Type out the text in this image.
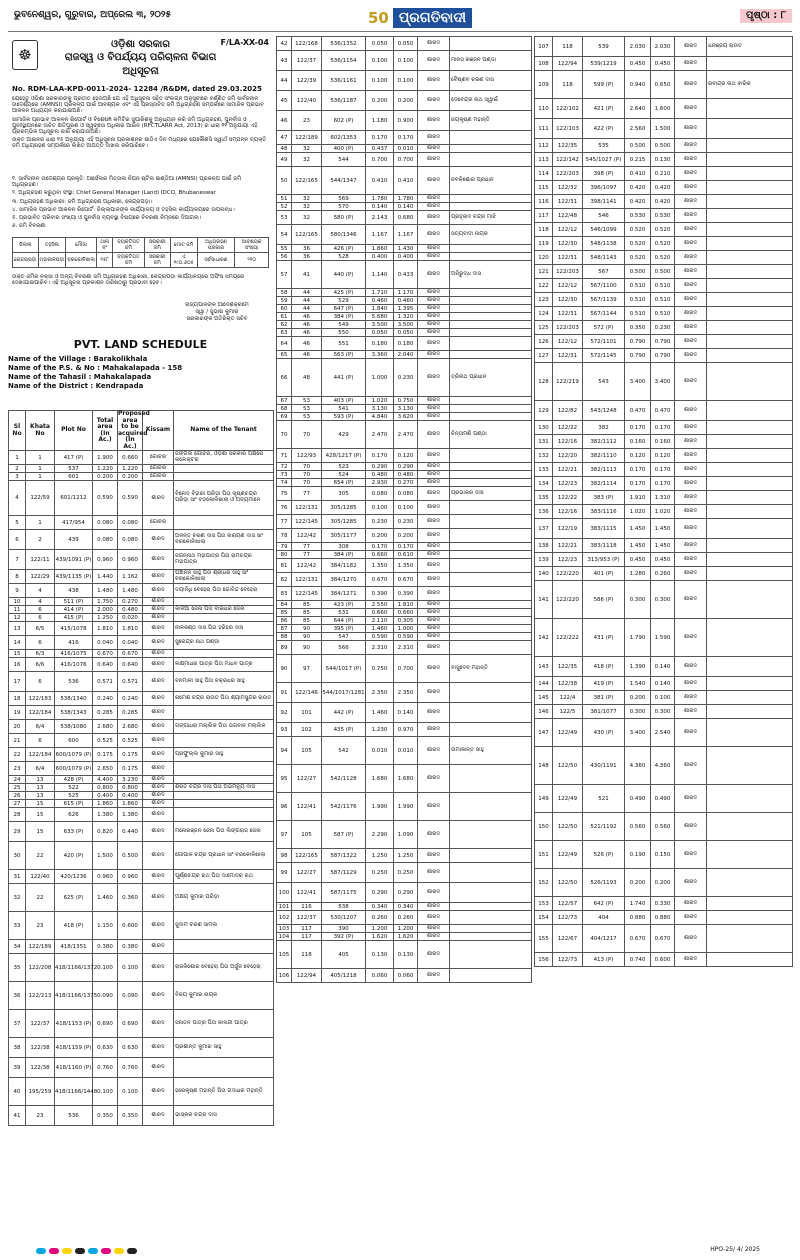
ଭୁବନେଶ୍ୱର, ଗୁରୁବାର, ଅପ୍ରେଲ ୩, ୨୦୨୫	50 ପ୍ରଗତିବାଦୀ	ପୃଷ୍ଠା : ୮
☸
F/LA-XX-04
ଓଡ଼ିଶା ସରକାର
ରାଜସ୍ୱ ଓ ବିପର୍ଯ୍ୟୟ ପରିଚାଳନା ବିଭାଗ
ଅଧିସୂଚନା
No. RDM-LAA-KPD-0011-2024- 12284 /R&DM, dated 29.03.2025

ଯେହେତୁ ଓଡ଼ିଶା ସରକାରଙ୍କୁ ପ୍ରତୀତ ହେଉଅଛି ଯେ ଏହି ଅଧିସୂଚନା ସହିତ ସଂଲଗ୍ନ ଅନୁସୂଚୀରେ ବର୍ଣ୍ଣିତ ଜମି ସାର୍ବଜନୀନ ଉଦ୍ଦେଶ୍ୟରେ (AMNSI) ପ୍ରକଳ୍ପ ପାଇଁ ଆବଶ୍ୟକ ଏବଂ ଏହି ପ୍ରସ୍ତାବିତ ଜମି ଅଧିଗ୍ରହଣ ସମ୍ପର୍କରେ ସାମାଜିକ ପ୍ରଭାବ ଆକଳନ ଅଧ୍ୟୟନ କରାଯାଇଅଛି।

ସାମାଜିକ ପ୍ରଭାବ ଆକଳନ ରିପୋର୍ଟ ଓ ବିଶେଷଜ୍ଞ କମିଟିର ସୁପାରିଶକୁ ଅନୁଧ୍ୟାନ କରି ଜମି ଅଧିଗ୍ରହଣ, ପୁନର୍ବାସ ଓ ପୁନଃସ୍ଥାପନରେ ଉଚିତ କ୍ଷତିପୂରଣ ଓ ସ୍ୱଚ୍ଛତା ଅଧିକାର ଆଇନ (RFCTLARR Act, 2013) ର ଧାରା ୧୧ ଅନୁଯାୟୀ ଏହି ପ୍ରାରମ୍ଭିକ ଅଧିସୂଚନା ଜାରି କରାଯାଉଅଛି।

ଉକ୍ତ ଆଇନର ଧାରା ୧୫ ଅନୁଯାୟୀ ଏହି ଅଧିସୂଚନା ପ୍ରକାଶନର ଷାଠିଏ ଦିନ ମଧ୍ୟରେ ଯେକୌଣସି ସ୍ୱାର୍ଥ ସମ୍ପନ୍ନ ବ୍ୟକ୍ତି ଜମି ଅଧିଗ୍ରହଣ ସମ୍ପର୍କରେ ଲିଖିତ ଆପତ୍ତି ଦାଖଲ କରିପାରିବେ।

୧. ସାର୍ବଜନୀନ ଉଦ୍ଦେଶ୍ୟର ପ୍ରକୃତି: ଆର୍ସେଲର ମିତ୍ତାଲ ନିପନ ଷ୍ଟିଲ ଇଣ୍ଡିଆ (AMNSI) ପ୍ରକଳ୍ପ ପାଇଁ ଜମି ଅଧିଗ୍ରହଣ।

୨. ଅଧିଗ୍ରହଣ କରୁଥିବା ସଂସ୍ଥା: Chief General Manager (Land) IDCO, Bhubaneswar

୩. ଅଧିଗ୍ରହଣ ଅଧିକାରୀ: ଜମି ଅଧିଗ୍ରହଣ ଅଧିକାରୀ, କେନ୍ଦ୍ରାପଡ଼ା।

୪. ସାମାଜିକ ପ୍ରଭାବ ଆକଳନ ରିପୋର୍ଟ: ଜିଲ୍ଲାପାଳଙ୍କ କାର୍ଯ୍ୟାଳୟ ଓ ତହସିଲ କାର୍ଯ୍ୟାଳୟରେ ଉପଲବ୍ଧ।

୫. ପ୍ରଭାବିତ ପରିବାର ସଂଖ୍ୟା ଓ ପୁନର୍ବାସ ବ୍ୟବସ୍ଥା ବିଷୟରେ ବିବରଣୀ ନିମ୍ନରେ ଦିଆଗଲା।

୬. ଜମି ବିବରଣୀ

ଜିଲ୍ଲା	ତହସିଲ	ମୌଜା	ଥାନା ନଂ	ବ୍ୟକ୍ତିଗତ ଜମି	ସରକାରୀ ଜମି	ମୋଟ ଜମି	ଅଧିଗ୍ରହଣ ପ୍ରକାର	ଆବଶ୍ୟକ ସଂଖ୍ୟା
କେନ୍ଦ୍ରାପଡ଼ା	ମହାକାଳପଡ଼ା	ବରକୋଳିଖାଲା	୧୫୮	ବ୍ୟକ୍ତିଗତ ଜମି	ସରକାରୀ ଜମି	ଏ ୧୯୦.୬୦୫	ସର୍ବସାଧାରଣ	୨୧୦
ଉକ୍ତ ଜମିର ନକ୍ସା ଓ ଅନ୍ୟ ବିବରଣୀ ଜମି ଅଧିଗ୍ରହଣ ଅଧିକାରୀ, କେନ୍ଦ୍ରାପଡ଼ା କାର୍ଯ୍ୟାଳୟରେ ଅଫିସ ସମୟରେ ଦେଖାଯାଇପାରିବ। ଏହି ଅଧିସୂଚନା ପ୍ରକାଶନ ତାରିଖଠାରୁ ପ୍ରଭାବୀ ହେବ।
ରାଜ୍ୟପାଳଙ୍କ ଆଦେଶକ୍ରମେ
ସ୍ୱା / ସୁଭାଷ କୁମାର
ସରକାରଙ୍କ ଅତିରିକ୍ତ ସଚିବ
PVT. LAND SCHEDULE
Name of the Village : Barakolikhala
Name of the P.S. & No : Mahakalapada - 158
Name of the Tahasil : Mahakalapada
Name of the District : Kendrapada
Sl No	Khata No	Plot No	Total area (In Ac.)	Proposed area to be acquired (In Ac.)	Kissam	Name of the Tenant
1	1	417 (P)	1.900	0.660	ଗୋଚର	ଜଙ୍ଗଲ ଗୋଚର, ଓଡ଼ିଶା ସରକାର ପକ୍ଷରେ କଲେକ୍ଟର
2	1	537	1.220	1.220	ଗୋଚର	
3	1	601	0.200	0.200	ଗୋଚର	
4	122/59	601/1212	0.590	0.590	ଶାରଦ	ବିନୋଦ ବିହାରୀ ପରିଡ଼ା ପିତା କୃଷ୍ଣଚନ୍ଦ୍ର ପରିଡ଼ା ସାଂ ବଡ଼କୋଳିଖାଲା ଓ ଅନ୍ୟମାନେ
5	1	417/954	0.080	0.080	ଗୋଚର	
6	2	439	0.080	0.080	ଶାରଦ	ଅନନ୍ତ ଚରଣ ଦାସ ପିତା ନାରାୟଣ ଦାସ ସାଂ ବରକୋଳିଖାଲା
7	122/11	439/1091 (P)	0.960	0.960	ଶାରଦ	ଜଗନ୍ନାଥ ମହାପାତ୍ର ପିତା ରାମଚନ୍ଦ୍ର ମହାପାତ୍ର
8	122/29	439/1135 (P)	1.440	1.162	ଶାରଦ	ପଞ୍ଚାନନ ସାହୁ ପିତା ଶ୍ରୀଧର ସାହୁ ସାଂ ବରକୋଳିଖାଲା
9	4	438	1.480	1.480	ଶାରଦ	ଦୟାନିଧି ବେହେରା ପିତା ଗୋବିନ୍ଦ ବେହେରା
10	4	511 (P)	1.750	0.270	ଶାରଦ	
11	6	414 (P)	2.000	0.480	ଶାରଦ	କାଳିଆ ଜେନା ପିତା ବାଇଧର ଜେନା
12	6	415 (P)	1.250	0.020	ଶାରଦ	
13	6/5	415/1078	1.810	1.810	ଶାରଦ	ନୀଳକଣ୍ଠ ଦାସ ପିତା ହରିହର ଦାସ
14	6	416	0.040	0.040	ଶାରଦ	ସୁରେନ୍ଦ୍ର ନାଥ ପଣ୍ଡା
15	6/3	416/1075	0.670	0.670	ଶାରଦ	
16	6/6	416/1076	0.640	0.640	ଶାରଦ	ଲକ୍ଷ୍ମୀଧର ପାତ୍ର ପିତା ମାଧବ ପାତ୍ର
17	6	536	0.571	0.571	ଶାରଦ	ବନମାଳୀ ସାହୁ ପିତା ଚକ୍ରଧର ସାହୁ
18	122/183	538/1340	0.240	0.240	ଶାରଦ	ରମେଶ ଚନ୍ଦ୍ର ରାଉତ ପିତା ଶ୍ୟାମସୁନ୍ଦର ରାଉତ
19	122/184	538/1343	0.285	0.285	ଶାରଦ	
20	6/4	538/1080	2.680	2.680	ଶାରଦ	ଗଙ୍ଗାଧର ମଲ୍ଲିକ ପିତା ଭଗବାନ ମଲ୍ଲିକ
21	6	600	0.525	0.525	ଶାରଦ	
22	122/184	600/1079 (P)	0.175	0.175	ଶାରଦ	ପ୍ରଫୁଲ୍ଲ କୁମାର ସାହୁ
23	6/4	600/1079 (P)	2.650	0.175	ଶାରଦ	
24	13	428 (P)	4.400	3.230	ଶାରଦ	
25	13	522	0.800	0.800	ଶାରଦ	ଶରତ ଚନ୍ଦ୍ର ଦାସ ପିତା ଅଭିମନ୍ୟୁ ଦାସ
26	13	525	0.400	0.400	ଶାରଦ	
27	15	615 (P)	1.860	1.860	ଶାରଦ	
28	15	626	1.380	1.380	ଶାରଦ	
29	15	633 (P)	0.820	0.440	ଶାରଦ	ମନୋରଞ୍ଜନ ଜେନା ପିତା ଲିଙ୍ଗରାଜ ଜେନା
30	22	420 (P)	1.500	0.500	ଶାରଦ	ଗୋପାଳ ଚନ୍ଦ୍ର ପ୍ରଧାନ ସାଂ ବରକୋଳିଖାଲା
31	122/40	420/1236	0.960	0.960	ଶାରଦ	ପୂର୍ଣ୍ଣଚନ୍ଦ୍ର ରଥ ପିତା ଦାମୋଦର ରଥ
32	22	625 (P)	1.460	0.360	ଶାରଦ	ଅକ୍ଷୟ କୁମାର ପରିଡ଼ା
33	23	418 (P)	1.150	0.600	ଶାରଦ	ସୁଦାମ ଚରଣ ସାମଲ
34	122/189	418/1351	0.380	0.380	ଶାରଦ	
35	122/208	418/1166/1372	0.100	0.100	ଶାରଦ	ରାଜକିଶୋର ବେହେରା ପିତା ଅର୍ଜୁନ ବେହେରା
36	122/213	418/1166/1375	0.090	0.090	ଶାରଦ	ବିଜୟ କୁମାର ନାୟକ
37	122/37	418/1153 (P)	0.690	0.690	ଶାରଦ	ସନାତନ ପାତ୍ର ପିତା କାଳନ୍ଦୀ ପାତ୍ର
38	122/38	418/1159 (P)	0.630	0.630	ଶାରଦ	ପ୍ରଶାନ୍ତ କୁମାର ସାହୁ
39	122/38	418/1160 (P)	0.760	0.760	ଶାରଦ	
40	195/259	418/1166/1448	0.100	0.100	ଶାରଦ	ହରେକୃଷ୍ଣ ମହାନ୍ତି ପିତା ଗଦାଧର ମହାନ୍ତି
41	23	536	0.350	0.350	ଶାରଦ	ଭାସ୍କର ଚନ୍ଦ୍ର ଦାସ
42	122/168	536/1352	0.050	0.050	ଶାରଦ	
43	122/37	536/1154	0.100	0.100	ଶାରଦ	ମାନସ ରଞ୍ଜନ ପଣ୍ଡା
44	122/39	536/1161	0.100	0.100	ଶାରଦ	ବୈଷ୍ଣବ ଚରଣ ଦାସ
45	122/40	536/1187	0.200	0.200	ଶାରଦ	ଦେବେନ୍ଦ୍ର ନାଥ ସ୍ୱାଇଁ
46	23	602 (P)	1.180	0.900	ଶାରଦ	ଜୟକୃଷ୍ଣ ମହାନ୍ତି
47	122/189	602/1353	0.170	0.170	ଶାରଦ	
48	32	400 (P)	0.437	0.010	ଶାରଦ	
49	32	544	0.700	0.700	ଶାରଦ	
50	122/165	544/1347	0.410	0.410	ଶାରଦ	ନବକିଶୋର ପ୍ରଧାନ
51	32	569	1.780	1.780	ଶାରଦ	
52	32	570	0.140	0.140	ଶାରଦ	
53	32	580 (P)	2.143	0.680	ଶାରଦ	ପ୍ରହ୍ଲାଦ ଚନ୍ଦ୍ର ମାଝି
54	122/165	580/1346	1.167	1.167	ଶାରଦ	ସତ୍ୟବାଦୀ ନାୟକ
55	36	426 (P)	1.860	1.430	ଶାରଦ	
56	36	528	0.400	0.400	ଶାରଦ	
57	41	440 (P)	1.140	0.433	ଶାରଦ	ଅନିରୁଦ୍ଧ ଦାସ
58	44	425 (P)	1.710	1.170	ଶାରଦ	
59	44	529	0.460	0.460	ଶାରଦ	
60	44	647 (P)	1.840	1.395	ଶାରଦ	
61	46	384 (P)	5.680	1.320	ଶାରଦ	
62	46	549	3.500	3.500	ଶାରଦ	
63	46	550	0.050	0.050	ଶାରଦ	
64	46	551	0.180	0.180	ଶାରଦ	
65	46	563 (P)	3.360	2.040	ଶାରଦ	
66	48	441 (P)	1.000	0.230	ଶାରଦ	ତ୍ରିନାଥ ପ୍ରଧାନ
67	53	403 (P)	1.020	0.750	ଶାରଦ	
68	53	541	3.130	3.130	ଶାରଦ	
69	53	593 (P)	4.840	3.620	ଶାରଦ	
70	70	429	2.470	2.470	ଶାରଦ	ଚିନ୍ତାମଣି ପଣ୍ଡା
71	122/93	428/1217 (P)	0.170	0.120	ଶାରଦ	
72	70	523	0.290	0.290	ଶାରଦ	
73	70	524	0.480	0.480	ଶାରଦ	
74	70	654 (P)	2.930	0.270	ଶାରଦ	
75	77	305	0.080	0.080	ଶାରଦ	ପ୍ରଭାକର ଦାସ
76	122/131	305/1285	0.100	0.100	ଶାରଦ	
77	122/145	305/1285	0.230	0.230	ଶାରଦ	
78	122/42	305/1177	0.200	0.200	ଶାରଦ	
79	77	308	0.170	0.170	ଶାରଦ	
80	77	384 (P)	0.660	0.610	ଶାରଦ	
81	122/42	384/1182	1.350	1.350	ଶାରଦ	
82	122/131	384/1270	0.670	0.670	ଶାରଦ	
83	122/145	384/1271	0.390	0.390	ଶାରଦ	
84	85	423 (P)	2.550	1.810	ଶାରଦ	
85	85	531	0.660	0.660	ଶାରଦ	
86	85	644 (P)	2.110	0.305	ଶାରଦ	
87	90	395 (P)	1.460	1.000	ଶାରଦ	
88	90	547	0.590	0.590	ଶାରଦ	
89	90	566	2.310	2.310	ଶାରଦ	
90	97	544/1017 (P)	0.750	0.700	ଶାରଦ	ବାସୁଦେବ ମହାନ୍ତି
91	122/146	544/1017/1281	2.350	2.350	ଶାରଦ	
92	101	442 (P)	1.460	0.140	ଶାରଦ	
93	102	435 (P)	1.230	0.970	ଶାରଦ	
94	105	542	0.010	0.010	ଶାରଦ	ଉମାକାନ୍ତ ସାହୁ
95	122/27	542/1128	1.680	1.680	ଶାରଦ	
96	122/41	542/1176	1.990	1.990	ଶାରଦ	
97	105	587 (P)	2.290	1.090	ଶାରଦ	
98	122/165	587/1322	1.250	1.250	ଶାରଦ	
99	122/27	587/1129	0.250	0.250	ଶାରଦ	
100	122/41	587/1175	0.290	0.290	ଶାରଦ	
101	116	538	0.340	0.340	ଶାରଦ	
102	122/37	530/1207	0.260	0.260	ଶାରଦ	
103	117	390	1.200	1.200	ଶାରଦ	
104	117	392 (P)	1.620	1.620	ଶାରଦ	
105	118	405	0.130	0.130	ଶାରଦ	
106	122/94	405/1218	0.060	0.060	ଶାରଦ	
107	118	539	2.030	2.030	ଶାରଦ	ଧନଞ୍ଜୟ ରାଉତ
108	122/94	539/1219	0.450	0.450	ଶାରଦ	
109	118	599 (P)	0.940	0.650	ଶାରଦ	ରବୀନ୍ଦ୍ର ନାଥ ବାରିକ
110	122/102	421 (P)	2.640	1.600	ଶାରଦ	
111	122/103	422 (P)	2.560	1.500	ଶାରଦ	
112	122/35	535	0.500	0.500	ଶାରଦ	
113	122/142	545/1027 (P)	0.215	0.130	ଶାରଦ	
114	122/203	398 (P)	0.410	0.210	ଶାରଦ	
115	122/32	396/1097	0.420	0.420	ଶାରଦ	
116	122/31	398/1141	0.420	0.420	ଶାରଦ	
117	122/48	546	0.530	0.530	ଶାରଦ	
118	122/12	546/1099	0.520	0.520	ଶାରଦ	
119	122/30	548/1138	0.520	0.520	ଶାରଦ	
120	122/31	548/1143	0.520	0.520	ଶାରଦ	
121	122/203	567	0.500	0.500	ଶାରଦ	
122	122/12	567/1100	0.510	0.510	ଶାରଦ	
123	122/30	567/1139	0.510	0.510	ଶାରଦ	
124	122/31	567/1144	0.510	0.510	ଶାରଦ	
125	122/203	572 (P)	0.350	0.230	ଶାରଦ	
126	122/12	572/1101	0.790	0.790	ଶାରଦ	
127	122/31	572/1145	0.790	0.790	ଶାରଦ	
128	122/219	543	3.400	3.400	ଶାରଦ	
129	122/82	543/1248	0.470	0.470	ଶାରଦ	
130	122/22	382	0.170	0.170	ଶାରଦ	
131	122/16	382/1112	0.160	0.160	ଶାରଦ	
132	122/20	382/1110	0.120	0.120	ଶାରଦ	
133	122/21	382/1113	0.170	0.170	ଶାରଦ	
134	122/23	382/1114	0.170	0.170	ଶାରଦ	
135	122/22	383 (P)	1.910	1.310	ଶାରଦ	
136	122/16	383/1116	1.020	1.020	ଶାରଦ	
137	122/19	383/1115	1.450	1.450	ଶାରଦ	
138	122/21	383/1118	1.450	1.450	ଶାରଦ	
139	122/23	313/953 (P)	0.450	0.450	ଶାରଦ	
140	122/220	401 (P)	1.280	0.260	ଶାରଦ	
141	122/220	586 (P)	0.300	0.300	ଶାରଦ	
142	122/222	431 (P)	1.790	1.590	ଶାରଦ	
143	122/35	418 (P)	1.390	0.140	ଶାରଦ	
144	122/38	419 (P)	1.540	0.140	ଶାରଦ	
145	122/4	381 (P)	0.200	0.100	ଶାରଦ	
146	122/5	381/1077	0.300	0.300	ଶାରଦ	
147	122/49	430 (P)	3.400	2.540	ଶାରଦ	
148	122/50	430/1191	4.360	4.360	ଶାରଦ	
149	122/49	521	0.490	0.490	ଶାରଦ	
150	122/50	521/1192	0.560	0.560	ଶାରଦ	
151	122/49	526 (P)	0.190	0.150	ଶାରଦ	
152	122/50	526/1193	0.200	0.200	ଶାରଦ	
153	122/57	642 (P)	1.740	0.330	ଶାରଦ	
154	122/73	404	0.880	0.880	ଶାରଦ	
155	122/67	404/1217	0.670	0.670	ଶାରଦ	
156	122/73	413 (P)	0.740	0.600	ଶାରଦ	
HPO-25/ 4/ 2025
